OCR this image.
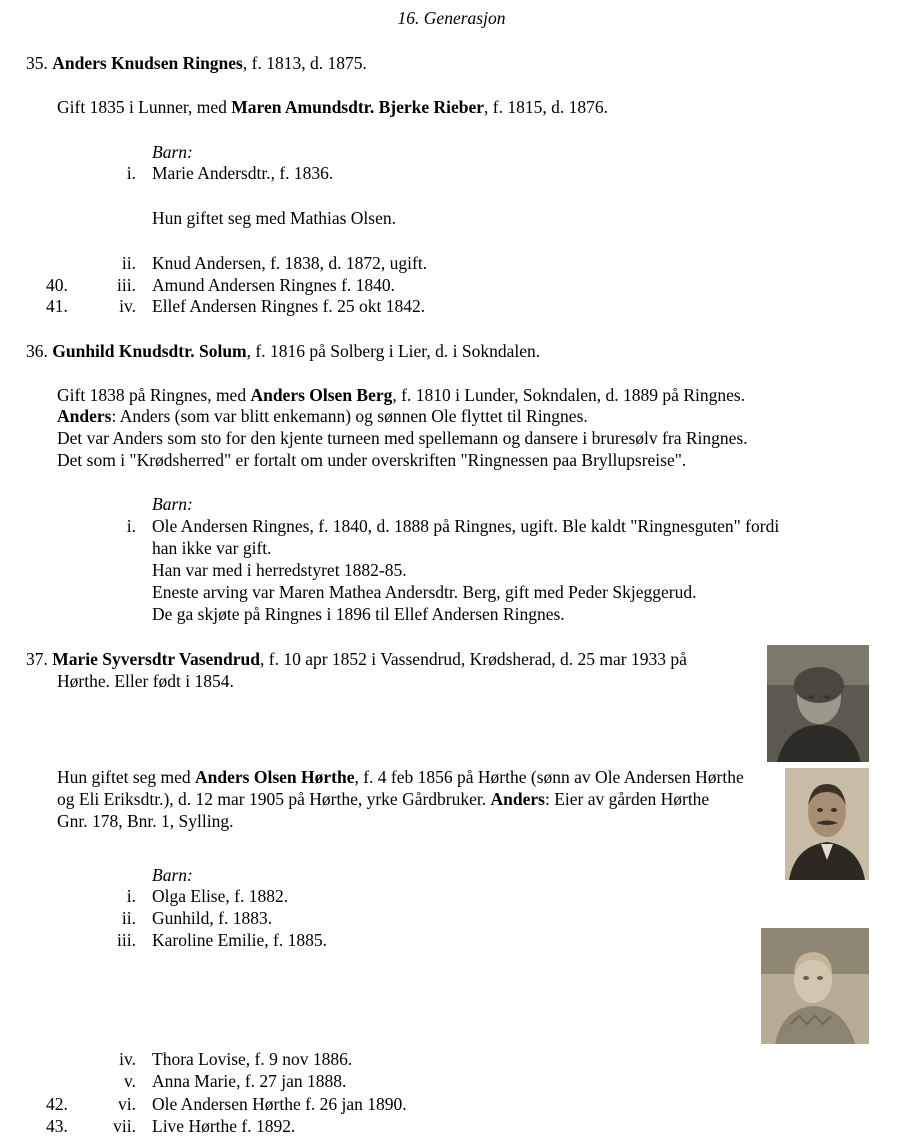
16. Generasjon
35. Anders Knudsen Ringnes, f. 1813, d. 1875.
Gift 1835 i Lunner, med Maren Amundsdtr. Bjerke Rieber, f. 1815, d. 1876.
Barn:
i. Marie Andersdtr., f. 1836.
Hun giftet seg med Mathias Olsen.
ii. Knud Andersen, f. 1838, d. 1872, ugift.
40.	iii. Amund Andersen Ringnes f. 1840.
41.	iv. Ellef Andersen Ringnes f. 25 okt 1842.
36. Gunhild Knudsdtr. Solum, f. 1816 på Solberg i Lier, d. i Sokndalen.
Gift 1838 på Ringnes, med Anders Olsen Berg, f. 1810 i Lunder, Sokndalen, d. 1889 på Ringnes.
Anders: Anders (som var blitt enkemann) og sønnen Ole flyttet til Ringnes.
Det var Anders som sto for den kjente turneen med spellemann og dansere i bruresølv fra Ringnes.
Det som i "Krødsherred" er fortalt om under overskriften "Ringnessen paa Bryllupsreise".
Barn:
i. Ole Andersen Ringnes, f. 1840, d. 1888 på Ringnes, ugift. Ble kaldt "Ringnesguten" fordi
han ikke var gift.
Han var med i herredstyret 1882-85.
Eneste arving var Maren Mathea Andersdtr. Berg, gift med Peder Skjeggerud.
De ga skjøte på Ringnes i 1896 til Ellef Andersen Ringnes.
37. Marie Syversdtr Vasendrud, f. 10 apr 1852 i Vassendrud, Krødsherad, d. 25 mar 1933 på
Hørthe. Eller født i 1854.
Hun giftet seg med Anders Olsen Hørthe, f. 4 feb 1856 på Hørthe (sønn av Ole Andersen Hørthe
og Eli Eriksdtr.), d. 12 mar 1905 på Hørthe, yrke Gårdbruker. Anders: Eier av gården Hørthe
Gnr. 178, Bnr. 1, Sylling.
Barn:
i. Olga Elise, f. 1882.
ii. Gunhild, f. 1883.
iii. Karoline Emilie, f. 1885.
iv. Thora Lovise, f. 9 nov 1886.
v. Anna Marie, f. 27 jan 1888.
42.	vi. Ole Andersen Hørthe f. 26 jan 1890.
43.	vii. Live Hørthe f. 1892.
